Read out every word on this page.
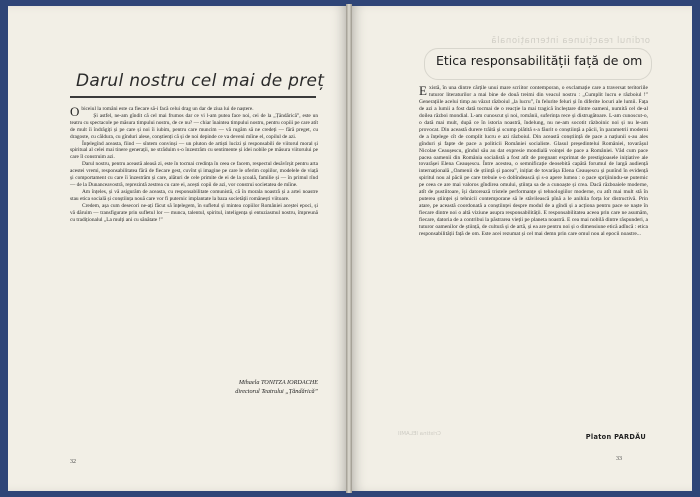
Darul nostru cel mai de preț

Obiceiul la români este ca fiecare să-i facă celui drag un dar de ziua lui de naștere.

Și astfel, ne-am gîndit că cel mai frumos dar ce vi l-am putea face noi, cei de la „Țăndărică”, este un teatru cu spectacole pe măsura timpului nostru, de ce nu? — chiar înaintea timpului nostru, pentru copiii pe care atît de mult îi îndrăgiți și pe care și noi îi iubim, pentru care muncim — vă rugăm să ne credeți — fără preget, cu dragoste, cu căldura, cu gînduri alese, conștienți că și de noi depinde ce va deveni mîine el, copilul de azi.

Înțelegînd aceasta, fiind — sîntem convinși — un pluton de artiști lucizi și responsabili de viitorul moral și spiritual al celei mai tinere generații, ne străduim s-o înzestrăm cu sentimente și idei nobile pe măsura viitorului pe care îl construim azi.

Darul nostru, pentru această aleasă zi, este în tocmai credința în ceea ce facem, respectul desăvîrșit pentru arta acestei vremi, responsabilitatea fără de fiecare gest, cuvînt și imagine pe care le oferim copiilor, modelele de viață și comportament cu care îi înzestrăm și care, alături de cele primite de ei de la școală, familie și — în primul rînd — de la Dunanceavostră, reprezintă zestrea cu care ei, acești copii de azi, vor construi societatea de mîine.

Am înțeles, și vă asigurăm de aceasta, cu responsabilitate comunistă, că în morala noastră și a artei noastre stau etica socială și conștiința nouă care vor fi puternic implantate la baza societății românești viitoare.

Credem, așa cum desecori ne-ați făcut să înțelegem, în sufletul și mintea copiilor României aceștei epoci, și vă dăruim — transfigurate prin sufletul lor — munca, talentul, spiritul, inteligența și entuziasmul nostru, împreună cu tradiționalul „La mulți ani cu sănătate !”

Mihaela TONITZA IORDACHE
directorul Teatrului „Țăndărică”
32
ordinul reacțiunea internațională
Etica responsabilității față de om

Există, în una dintre cărțile unui mare scriitor contemporan, o exclamație care a traversat teritoriile tuturor literaturilor a mai bine de două treimi din veacul nostru : „Cumplit lucru e războiul !” Generațiile acelui timp au văzut războiul „la lucru”, în felurite feluri și în diferite locuri ale lumii. Fața de azi a lumii a fost dată tocmai de o reacție la mai tragică încleștare dintre oameni, numită cel de-al doilea război mondial. L-am cunoscut și noi, românii, suferința rece și distrugătoare. L-am cunoscut-o, o dată mai mult, după ce în istoria noastră, îndelung, nu ne-am socotit războinic noi și nu le-am provocat. Din această durere trăită și scump plătită s-a făurit o conștiință a păcii, în parametrii moderni de a înțelege cît de complit lucru e azi războiul. Din această conștiință de pace a națiunii s-au ales gînduri și fapte de pace a politicii României socialiste. Glasul președintelui României, tovarășul Nicolae Ceaușescu, gîndul său au dat expresie mondială voinței de pace a României. Văd cum pace pacea oamenii din România socialistă a fost atît de pregnant exprimat de prestigioasele inițiative ale tovarășei Elena Ceaușescu. Între acestea, o semnificație deosebită capătă forumul de largă audiență internațională „Oamenii de știință și pacea”, inițiat de tovarășa Elena Ceaușescu și punînd în evidență spiritul nou al păcii pe care trebuie s-o dobîndească și s-o apere lumea : o pace sprijinindu-se puternic pe ceea ce are mai valoros gîndirea omului, știința sa de a cunoaște și crea. Dacă războaiele moderne, atît de pustiitoare, își datorează tristele performanțe și tehnologiilor moderne, cu atît mai mult stă în puterea științei și tehnicii contemporane să le stăvilească pînă a le anihila forța lor distructivă. Prin atare, pe această coordonată a conștiinței despre modul de a gîndi și a acționa pentru pace se naște în fiecare dintre noi o altă viziune asupra responsabilității. E responsabilitatea aceea prin care ne asumăm, fiecare, datoria de a contribui la păstrarea vieții pe planeta noastră. E cea mai nobilă dintre răspunderi, a tuturor oamenilor de știință, de cultură și de artă, și ea are pentru noi și o dimensiune etică adîncă : etica responsabilității față de om. Este acei rezumat și cel mai demn prin care omul nou al epocii noastre...

Cristina IELAMII	Platon PARDĂU
33
